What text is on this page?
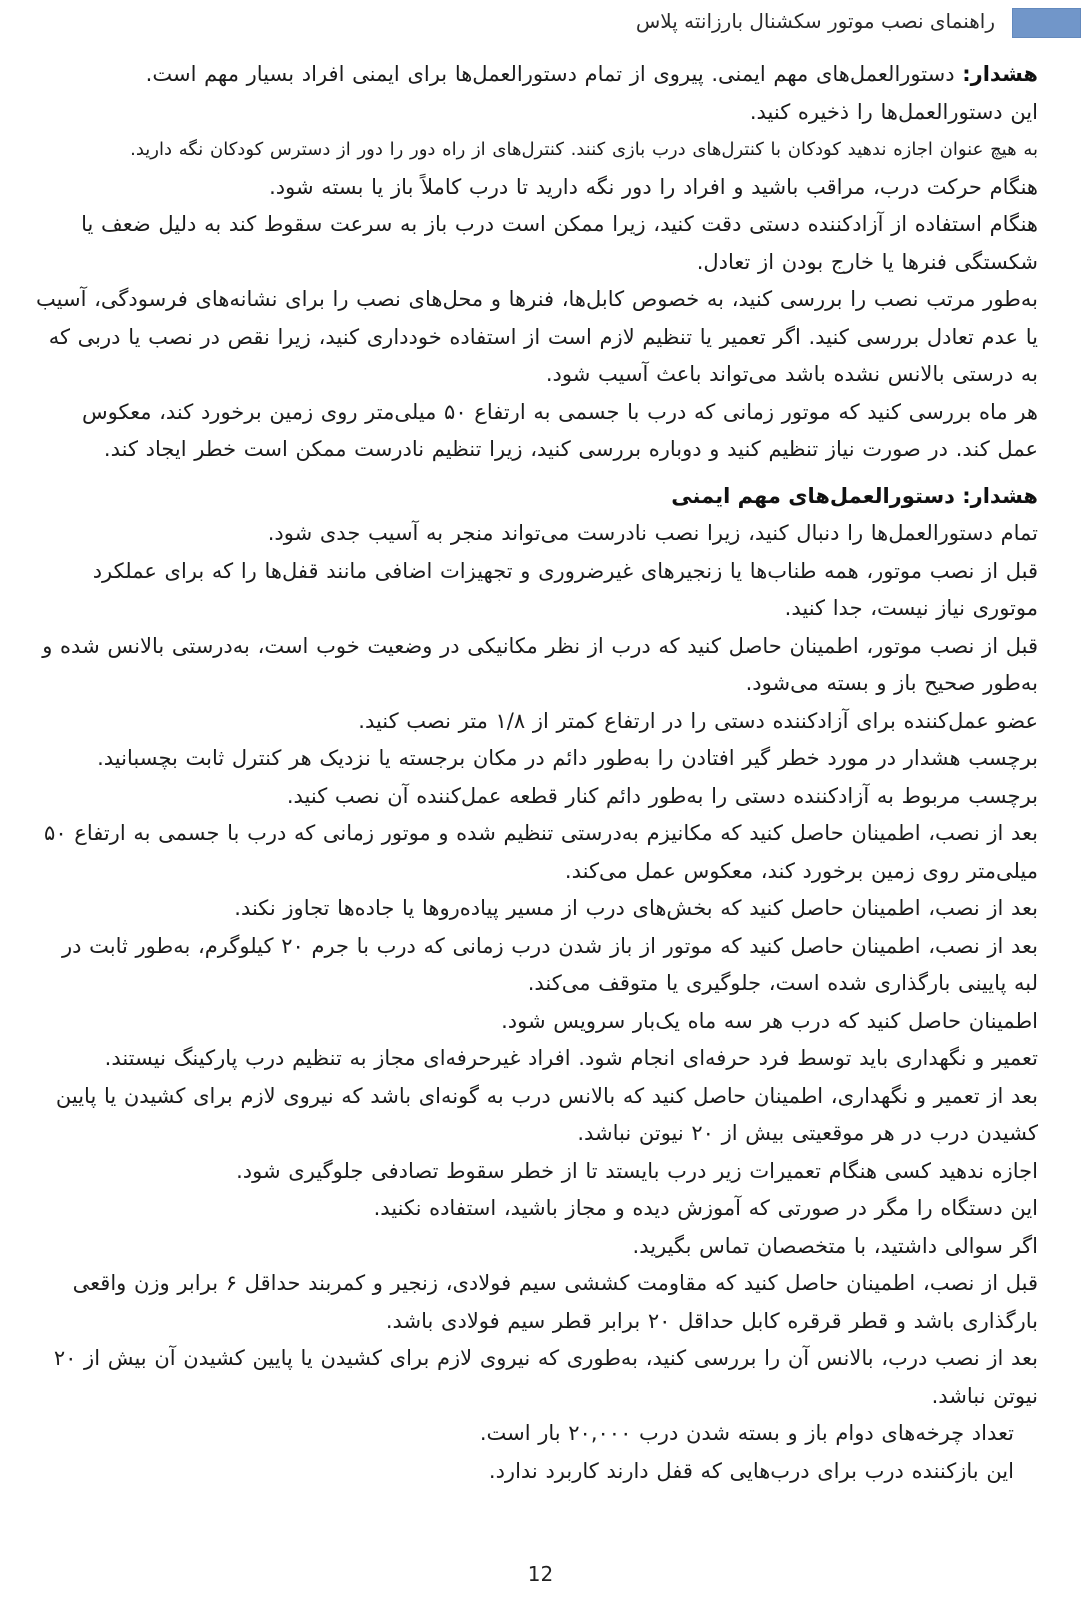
راهنمای نصب موتور سکشنال بارزانته پلاس

هشدار: دستورالعمل‌های مهم ایمنی. پیروی از تمام دستورالعمل‌ها برای ایمنی افراد بسیار مهم است.

این دستورالعمل‌ها را ذخیره کنید.

به هیچ عنوان اجازه ندهید کودکان با کنترل‌های درب بازی کنند. کنترل‌های از راه دور را دور از دسترس کودکان نگه دارید.

هنگام حرکت درب، مراقب باشید و افراد را دور نگه دارید تا درب کاملاً باز یا بسته شود.

هنگام استفاده از آزادکننده دستی دقت کنید، زیرا ممکن است درب باز به سرعت سقوط کند به دلیل ضعف یا شکستگی فنرها یا خارج بودن از تعادل.

به‌طور مرتب نصب را بررسی کنید، به خصوص کابل‌ها، فنرها و محل‌های نصب را برای نشانه‌های فرسودگی، آسیب یا عدم تعادل بررسی کنید. اگر تعمیر یا تنظیم لازم است از استفاده خودداری کنید، زیرا نقص در نصب یا دربی که به درستی بالانس نشده باشد می‌تواند باعث آسیب شود.

هر ماه بررسی کنید که موتور زمانی که درب با جسمی به ارتفاع ۵۰ میلی‌متر روی زمین برخورد کند، معکوس عمل کند. در صورت نیاز تنظیم کنید و دوباره بررسی کنید، زیرا تنظیم نادرست ممکن است خطر ایجاد کند.

هشدار: دستورالعمل‌های مهم ایمنی

تمام دستورالعمل‌ها را دنبال کنید، زیرا نصب نادرست می‌تواند منجر به آسیب جدی شود.

قبل از نصب موتور، همه طناب‌ها یا زنجیرهای غیرضروری و تجهیزات اضافی مانند قفل‌ها را که برای عملکرد موتوری نیاز نیست، جدا کنید.

قبل از نصب موتور، اطمینان حاصل کنید که درب از نظر مکانیکی در وضعیت خوب است، به‌درستی بالانس شده و به‌طور صحیح باز و بسته می‌شود.

عضو عمل‌کننده برای آزادکننده دستی را در ارتفاع کمتر از ۱/۸ متر نصب کنید.

برچسب هشدار در مورد خطر گیر افتادن را به‌طور دائم در مکان برجسته یا نزدیک هر کنترل ثابت بچسبانید.

برچسب مربوط به آزادکننده دستی را به‌طور دائم کنار قطعه عمل‌کننده آن نصب کنید.

بعد از نصب، اطمینان حاصل کنید که مکانیزم به‌درستی تنظیم شده و موتور زمانی که درب با جسمی به ارتفاع ۵۰ میلی‌متر روی زمین برخورد کند، معکوس عمل می‌کند.

بعد از نصب، اطمینان حاصل کنید که بخش‌های درب از مسیر پیاده‌روها یا جاده‌ها تجاوز نکند.

بعد از نصب، اطمینان حاصل کنید که موتور از باز شدن درب زمانی که درب با جرم ۲۰ کیلوگرم، به‌طور ثابت در لبه پایینی بارگذاری شده است، جلوگیری یا متوقف می‌کند.

اطمینان حاصل کنید که درب هر سه ماه یک‌بار سرویس شود.

تعمیر و نگهداری باید توسط فرد حرفه‌ای انجام شود. افراد غیرحرفه‌ای مجاز به تنظیم درب پارکینگ نیستند.

بعد از تعمیر و نگهداری، اطمینان حاصل کنید که بالانس درب به گونه‌ای باشد که نیروی لازم برای کشیدن یا پایین کشیدن درب در هر موقعیتی بیش از ۲۰ نیوتن نباشد.

اجازه ندهید کسی هنگام تعمیرات زیر درب بایستد تا از خطر سقوط تصادفی جلوگیری شود.

این دستگاه را مگر در صورتی که آموزش دیده و مجاز باشید، استفاده نکنید.

اگر سوالی داشتید، با متخصصان تماس بگیرید.

قبل از نصب، اطمینان حاصل کنید که مقاومت کششی سیم فولادی، زنجیر و کمربند حداقل ۶ برابر وزن واقعی بارگذاری باشد و قطر قرقره کابل حداقل ۲۰ برابر قطر سیم فولادی باشد.

بعد از نصب درب، بالانس آن را بررسی کنید، به‌طوری که نیروی لازم برای کشیدن یا پایین کشیدن آن بیش از ۲۰ نیوتن نباشد.

تعداد چرخه‌های دوام باز و بسته شدن درب ۲۰,۰۰۰ بار است.

این بازکننده درب برای درب‌هایی که قفل دارند کاربرد ندارد.

12
